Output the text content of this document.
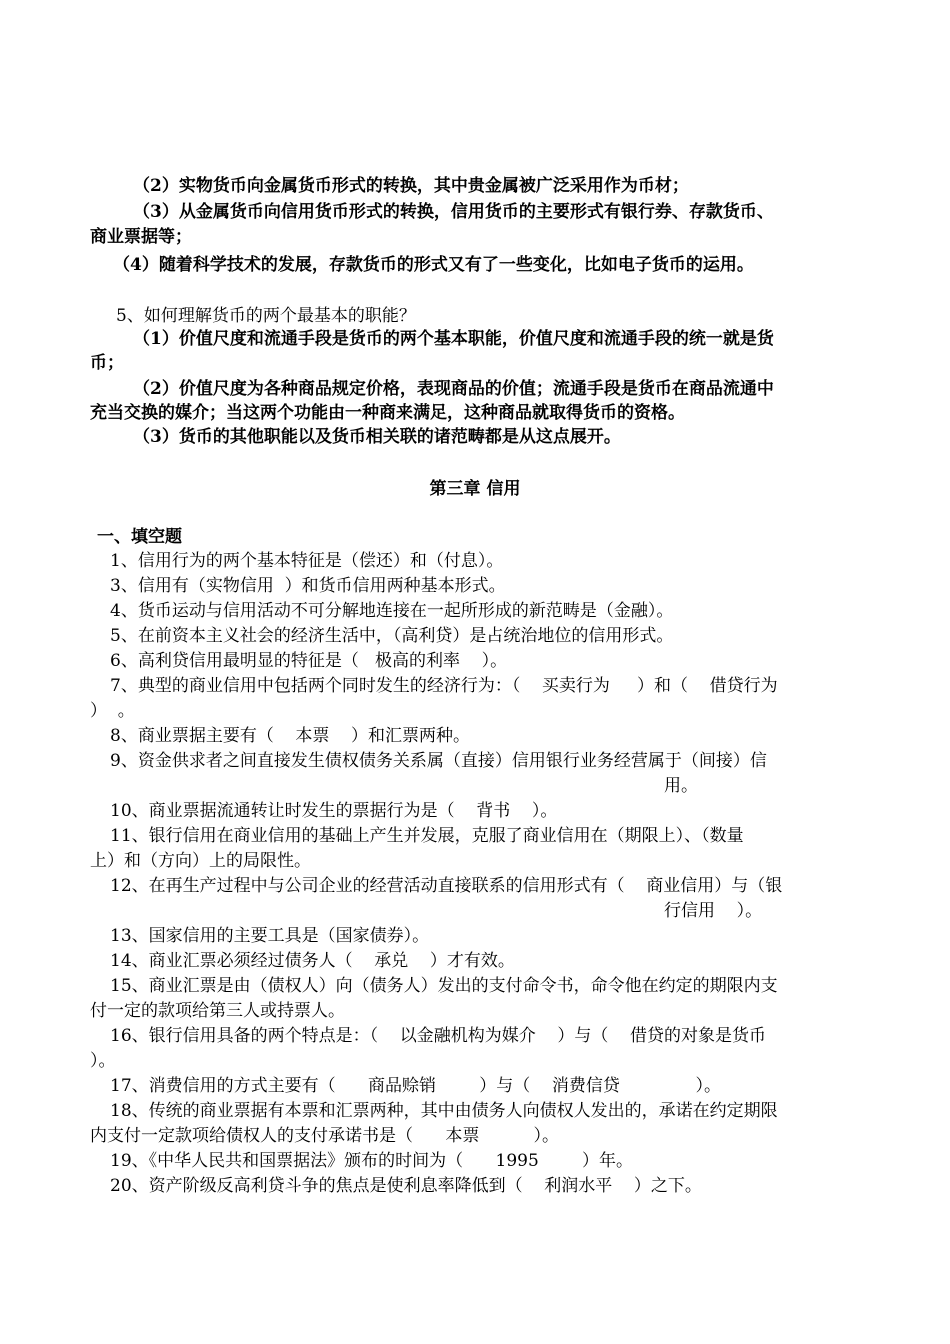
（2）实物货币向金属货币形式的转换，其中贵金属被广泛采用作为币材；
（3）从金属货币向信用货币形式的转换，信用货币的主要形式有银行券、存款货币、
商业票据等；
（4）随着科学技术的发展，存款货币的形式又有了一些变化，比如电子货币的运用。
5、如何理解货币的两个最基本的职能？
（1）价值尺度和流通手段是货币的两个基本职能，价值尺度和流通手段的统一就是货
币；
（2）价值尺度为各种商品规定价格，表现商品的价值；流通手段是货币在商品流通中
充当交换的媒介；当这两个功能由一种商来满足，这种商品就取得货币的资格。
（3）货币的其他职能以及货币相关联的诸范畴都是从这点展开。
第三章 信用
一、填空题
1、信用行为的两个基本特征是（偿还）和（付息）。
3、信用有（实物信用  ）和货币信用两种基本形式。
4、货币运动与信用活动不可分解地连接在一起所形成的新范畴是（金融）。
5、在前资本主义社会的经济生活中，（高利贷）是占统治地位的信用形式。
6、高利贷信用最明显的特征是（   极高的利率    ）。
7、典型的商业信用中包括两个同时发生的经济行为：（    买卖行为     ）和（    借贷行为
）  。
8、商业票据主要有（    本票    ）和汇票两种。
9、资金供求者之间直接发生债权债务关系属（直接）信用银行业务经营属于（间接）信
用。
10、商业票据流通转让时发生的票据行为是（    背书    ）。
11、银行信用在商业信用的基础上产生并发展，克服了商业信用在（期限上）、（数量
上）和（方向）上的局限性。
12、在再生产过程中与公司企业的经营活动直接联系的信用形式有（    商业信用）与（银
行信用    ）。
13、国家信用的主要工具是（国家债券）。
14、商业汇票必须经过债务人（    承兑    ）才有效。
15、商业汇票是由（债权人）向（债务人）发出的支付命令书，命令他在约定的期限内支
付一定的款项给第三人或持票人。
16、银行信用具备的两个特点是：（    以金融机构为媒介    ）与（    借贷的对象是货币
）。
17、消费信用的方式主要有（      商品赊销        ）与（    消费信贷              ）。
18、传统的商业票据有本票和汇票两种，其中由债务人向债权人发出的，承诺在约定期限
内支付一定款项给债权人的支付承诺书是（      本票          ）。
19、《中华人民共和国票据法》颁布的时间为（      1995        ）年。
20、资产阶级反高利贷斗争的焦点是使利息率降低到（    利润水平    ）之下。
